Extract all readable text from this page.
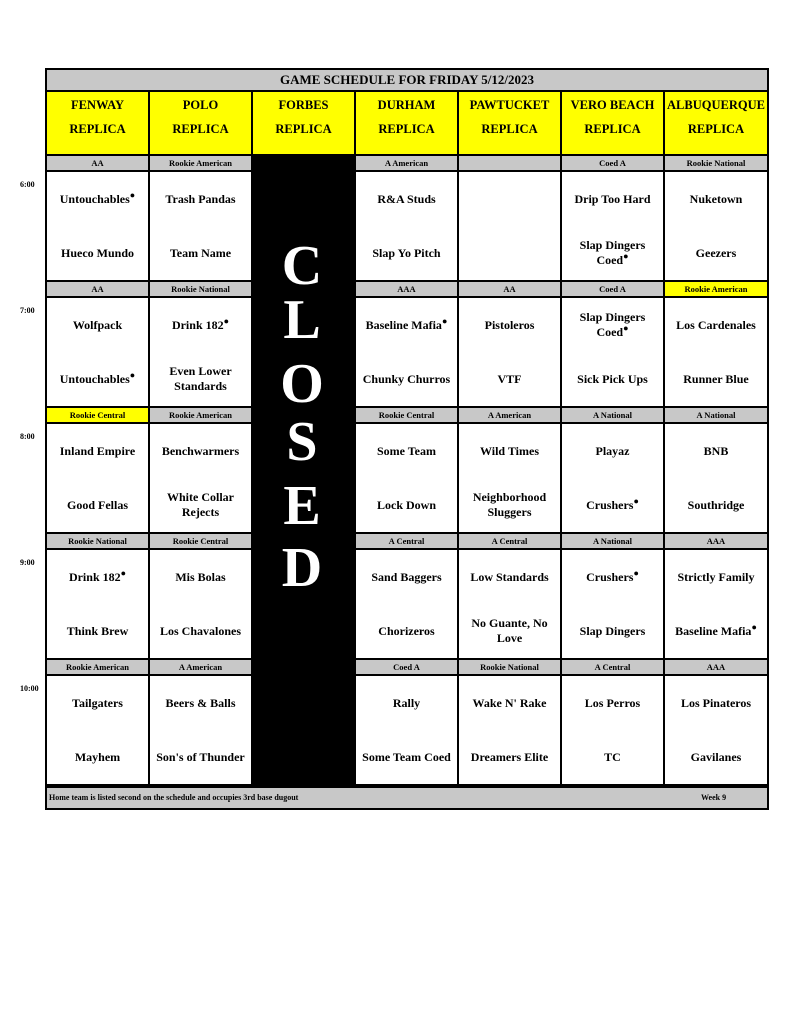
GAME SCHEDULE FOR FRIDAY 5/12/2023
C
L
O
S
E
D
Home team is listed second on the schedule and occupies 3rd base dugout	Week 9
FENWAY
REPLICA
POLO
REPLICA
FORBES
REPLICA
DURHAM
REPLICA
PAWTUCKET
REPLICA
VERO BEACH
REPLICA
ALBUQUERQUE
REPLICA
AA
Untouchables●
Hueco Mundo
Rookie American
Trash Pandas
Team Name
A American
R&A Studs
Slap Yo Pitch
Coed A
Drip Too Hard
Slap Dingers Coed●
Rookie National
Nuketown
Geezers
AA
Wolfpack
Untouchables●
Rookie National
Drink 182●
Even Lower Standards
AAA
Baseline Mafia●
Chunky Churros
AA
Pistoleros
VTF
Coed A
Slap Dingers Coed●
Sick Pick Ups
Rookie American
Los Cardenales
Runner Blue
Rookie Central
Inland Empire
Good Fellas
Rookie American
Benchwarmers
White Collar Rejects
Rookie Central
Some Team
Lock Down
A American
Wild Times
Neighborhood Sluggers
A National
Playaz
Crushers●
A National
BNB
Southridge
Rookie National
Drink 182●
Think Brew
Rookie Central
Mis Bolas
Los Chavalones
A Central
Sand Baggers
Chorizeros
A Central
Low Standards
No Guante, No Love
A National
Crushers●
Slap Dingers
AAA
Strictly Family
Baseline Mafia●
Rookie American
Tailgaters
Mayhem
A American
Beers & Balls
Son's of Thunder
Coed A
Rally
Some Team Coed
Rookie National
Wake N' Rake
Dreamers Elite
A Central
Los Perros
TC
AAA
Los Pinateros
Gavilanes
6:00
7:00
8:00
9:00
10:00
